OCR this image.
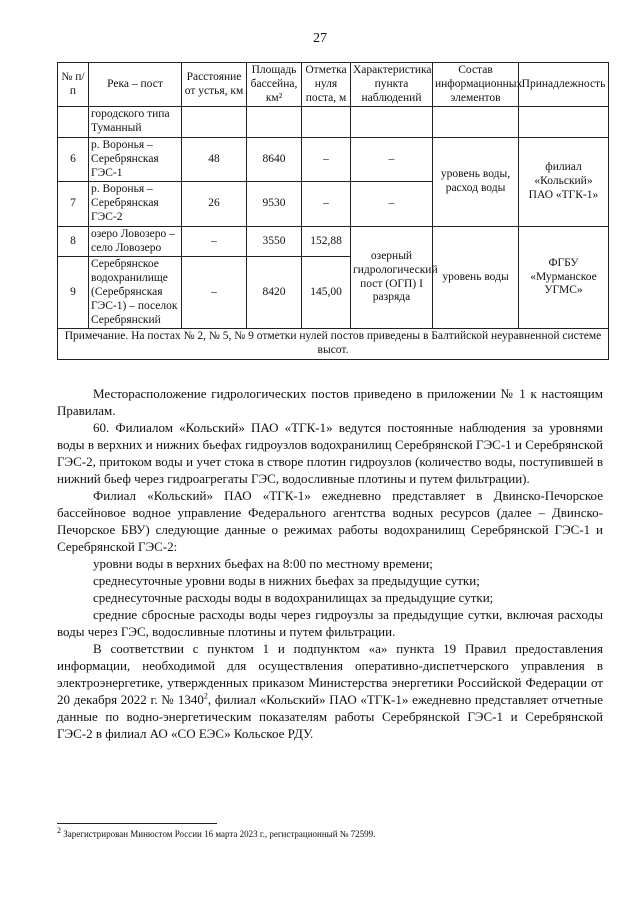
27
№ п/п	Река – пост	Расстояние от устья, км	Площадь бассейна, км²	Отметка нуля поста, м	Характеристика пункта наблюдений	Состав информационных элементов	Принадлежность
	городского типа Туманный						
6	р. Воронья – Серебрянская ГЭС-1	48	8640	–	–	уровень воды, расход воды	филиал «Кольский» ПАО «ТГК-1»
7	р. Воронья – Серебрянская ГЭС-2	26	9530	–	–		
8	озеро Ловозеро – село Ловозеро	–	3550	152,88	озерный гидрологический пост (ОГП) I разряда	уровень воды	ФГБУ «Мурманское УГМС»
9	Серебрянское водохранилище (Серебрянская ГЭС-1) – поселок Серебрянский	–	8420	145,00			
Примечание. На постах № 2, № 5, № 9 отметки нулей постов приведены в Балтийской неуравненной системе высот.							

Месторасположение гидрологических постов приведено в приложении № 1 к настоящим Правилам.

60. Филиалом «Кольский» ПАО «ТГК-1» ведутся постоянные наблюдения за уровнями воды в верхних и нижних бьефах гидроузлов водохранилищ Серебрянской ГЭС-1 и Серебрянской ГЭС-2, притоком воды и учет стока в створе плотин гидроузлов (количество воды, поступившей в нижний бьеф через гидроагрегаты ГЭС, водосливные плотины и путем фильтрации).

Филиал «Кольский» ПАО «ТГК-1» ежедневно представляет в Двинско-Печорское бассейновое водное управление Федерального агентства водных ресурсов (далее – Двинско-Печорское БВУ) следующие данные о режимах работы водохранилищ Серебрянской ГЭС-1 и Серебрянской ГЭС-2:

уровни воды в верхних бьефах на 8:00 по местному времени;

среднесуточные уровни воды в нижних бьефах за предыдущие сутки;

среднесуточные расходы воды в водохранилищах за предыдущие сутки;

средние сбросные расходы воды через гидроузлы за предыдущие сутки, включая расходы воды через ГЭС, водосливные плотины и путем фильтрации.

В соответствии с пунктом 1 и подпунктом «а» пункта 19 Правил предоставления информации, необходимой для осуществления оперативно-диспетчерского управления в электроэнергетике, утвержденных приказом Министерства энергетики Российской Федерации от 20 декабря 2022 г. № 1340$^2$, филиал «Кольский» ПАО «ТГК-1» ежедневно представляет отчетные данные по водно-энергетическим показателям работы Серебрянской ГЭС-1 и Серебрянской ГЭС-2 в филиал АО «СО ЕЭС» Кольское РДУ.

$^2$ Зарегистрирован Минюстом России 16 марта 2023 г., регистрационный № 72599.
